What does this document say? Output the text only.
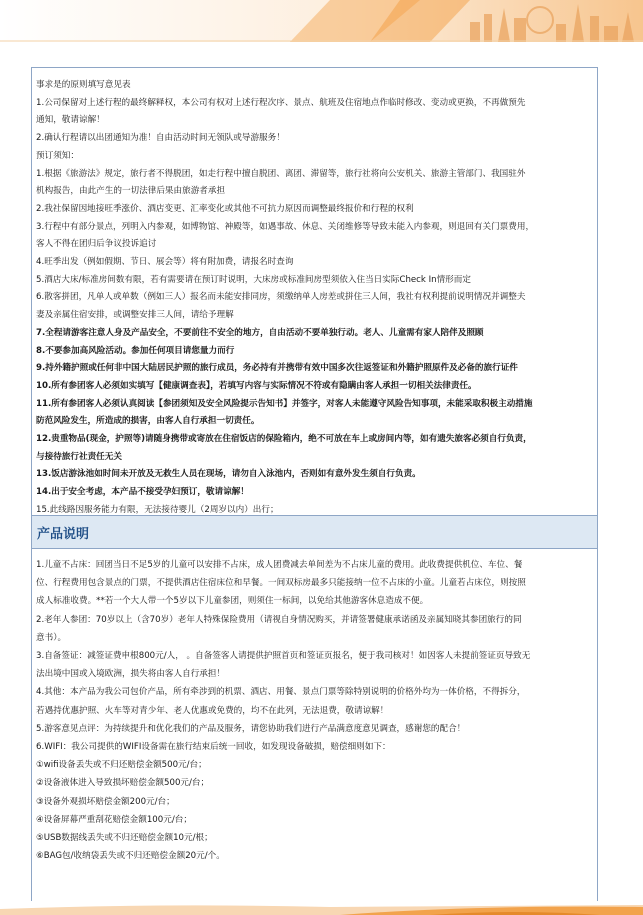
事求是的原则填写意见表
1.公司保留对上述行程的最终解释权，本公司有权对上述行程次序、景点、航班及住宿地点作临时修改、变动或更换，不再做预先
通知，敬请谅解！
2.确认行程请以出团通知为准！自由活动时间无领队或导游服务！
预订须知：
1.根据《旅游法》规定，旅行者不得脱团，如走行程中擅自脱团、离团、滞留等，旅行社将向公安机关、旅游主管部门、我国驻外
机构报告，由此产生的一切法律后果由旅游者承担
2.我社保留因地接旺季涨价、酒店变更、汇率变化或其他不可抗力原因而调整最终报价和行程的权利
3.行程中有部分景点，列明入内参观，如博物馆、神殿等，如遇事故、休息、关闭维修等导致未能入内参观，则退回有关门票费用，
客人不得在团归后争议投诉追讨
4.旺季出发（例如假期、节日、展会等）将有附加费，请报名时查询
5.酒店大床/标准房间数有限，若有需要请在预订时说明，大床房或标准间房型须依入住当日实际Check In情形而定
6.散客拼团，凡单人或单数（例如三人）报名而未能安排同房，须缴纳单人房差或拼住三人间，我社有权利提前说明情况并调整夫
妻及亲属住宿安排，或调整安排三人间，请给予理解
7.全程请游客注意人身及产品安全，不要前往不安全的地方，自由活动不要单独行动。老人、儿童需有家人陪伴及照顾
8.不要参加高风险活动。参加任何项目请您量力而行
9.持外籍护照或任何非中国大陆居民护照的旅行成员，务必持有并携带有效中国多次往返签证和外籍护照原件及必备的旅行证件
10.所有参团客人必须如实填写【健康调查表】，若填写内容与实际情况不符或有隐瞒由客人承担一切相关法律责任。
11.所有参团客人必须认真阅读【参团须知及安全风险提示告知书】并签字，对客人未能遵守风险告知事项，未能采取积极主动措施
防范风险发生，所造成的损害，由客人自行承担一切责任。
12.贵重物品(现金，护照等)请随身携带或寄放在住宿饭店的保险箱内，绝不可放在车上或房间内等，如有遗失旅客必须自行负责，
与接待旅行社责任无关
13.饭店游泳池如时间未开放及无救生人员在现场，请勿自入泳池内，否则如有意外发生须自行负责。
14.出于安全考虑，本产品不接受孕妇预订，敬请谅解！
15.此线路因服务能力有限，无法接待婴儿（2周岁以内）出行；
产品说明
1.儿童不占床：回团当日不足5岁的儿童可以安排不占床，成人团费减去单间差为不占床儿童的费用。此收费提供机位、车位、餐
位、行程费用包含景点的门票，不提供酒店住宿床位和早餐。一间双标房最多只能接纳一位不占床的小童。儿童若占床位，则按照
成人标准收费。**若一个大人带一个5岁以下儿童参团，则须住一标间，以免给其他游客休息造成不便。
2.老年人参团：70岁以上（含70岁）老年人特殊保险费用（请视自身情况购买，并请签署健康承诺函及亲属知晓其参团旅行的同
意书）。
3.自备签证：减签证费申根800元/人， 。自备签客人请提供护照首页和签证页报名，便于我司核对！如因客人未提前签证页导致无
法出境中国或入境欧洲，损失将由客人自行承担！
4.其他：本产品为我公司包价产品，所有牵涉到的机票、酒店、用餐、景点门票等除特别说明的价格外均为一体价格，不得拆分，
若遇持优惠护照、火车等对青少年、老人优惠或免费的，均不在此列，无法退费，敬请谅解！
5.游客意见点评：为持续提升和优化我们的产品及服务，请您协助我们进行产品满意度意见调查，感谢您的配合！
6.WIFI：我公司提供的WIFI设备需在旅行结束后统一回收，如发现设备破损，赔偿细则如下：
①wifi设备丢失或不归还赔偿金额500元/台；
②设备液体进入导致损坏赔偿金额500元/台；
③设备外观损坏赔偿金额200元/台；
④设备屏幕严重刮花赔偿金额100元/台；
⑤USB数据线丢失或不归还赔偿金额10元/根；
⑥BAG包/收纳袋丢失或不归还赔偿金额20元/个。
